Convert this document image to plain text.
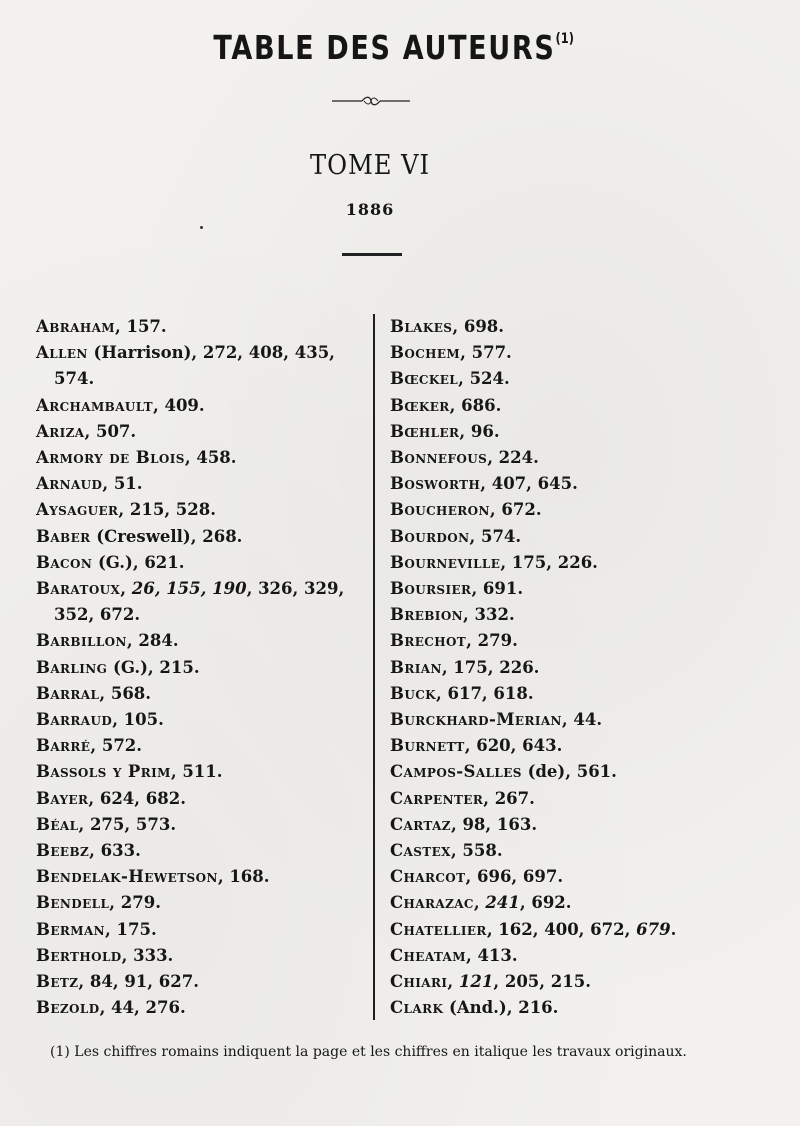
TABLE DES AUTEURS$^{(1)}$
TOME VI
1886
Abraham, 157.
Allen (Harrison), 272, 408, 435,
574.
Archambault, 409.
Ariza, 507.
Armory de Blois, 458.
Arnaud, 51.
Aysaguer, 215, 528.
Baber (Creswell), 268.
Bacon (G.), 621.
Baratoux, 26, 155, 190, 326, 329,
352, 672.
Barbillon, 284.
Barling (G.), 215.
Barral, 568.
Barraud, 105.
Barré, 572.
Bassols y Prim, 511.
Bayer, 624, 682.
Béal, 275, 573.
Beebz, 633.
Bendelak-Hewetson, 168.
Bendell, 279.
Berman, 175.
Berthold, 333.
Betz, 84, 91, 627.
Bezold, 44, 276.
Blakes, 698.
Bochem, 577.
Bœckel, 524.
Bœker, 686.
Bœhler, 96.
Bonnefous, 224.
Bosworth, 407, 645.
Boucheron, 672.
Bourdon, 574.
Bourneville, 175, 226.
Boursier, 691.
Brebion, 332.
Brechot, 279.
Brian, 175, 226.
Buck, 617, 618.
Burckhard-Merian, 44.
Burnett, 620, 643.
Campos-Salles (de), 561.
Carpenter, 267.
Cartaz, 98, 163.
Castex, 558.
Charcot, 696, 697.
Charazac, 241, 692.
Chatellier, 162, 400, 672, 679.
Cheatam, 413.
Chiari, 121, 205, 215.
Clark (And.), 216.
(1) Les chiffres romains indiquent la page et les chiffres en italique les travaux originaux.
